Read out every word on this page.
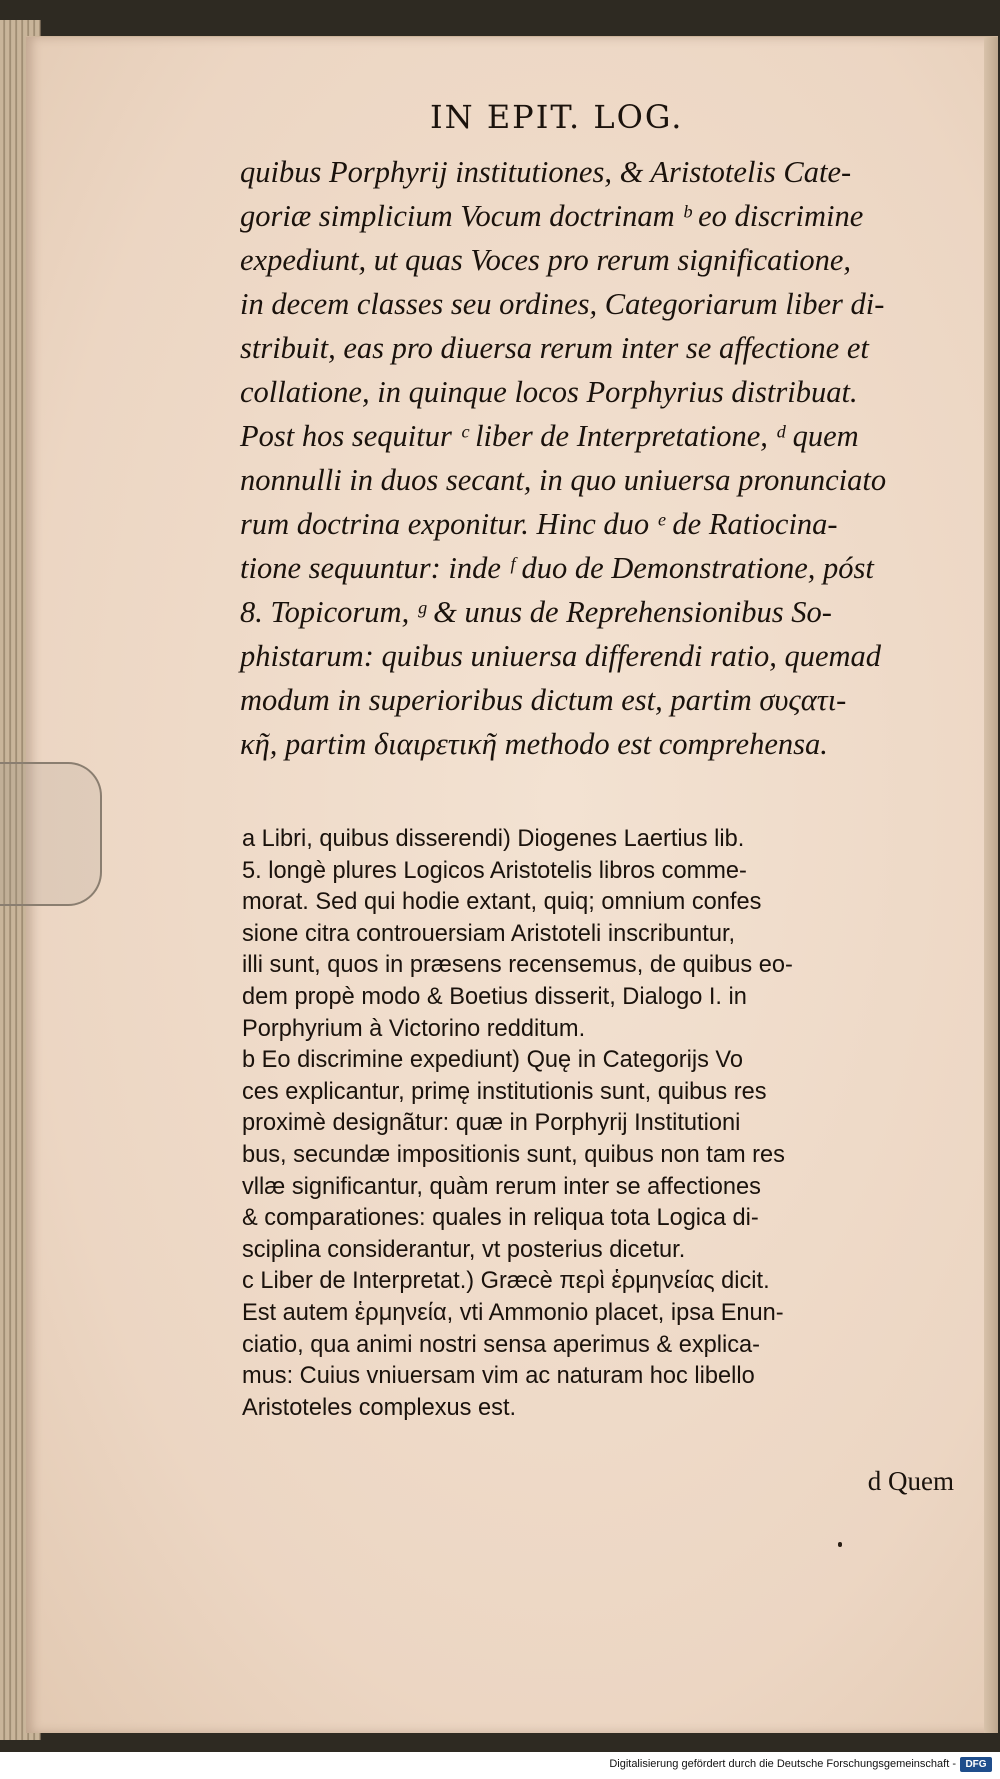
IN EPIT. LOG.
quibus Porphyrij institutiones, & Aristotelis Cate-
goriæ simplicium Vocum doctrinam ᵇ eo discrimine
expediunt, ut quas Voces pro rerum significatione,
in decem classes seu ordines, Categoriarum liber di-
stribuit, eas pro diuersa rerum inter se affectione et
collatione, in quinque locos Porphyrius distribuat.
Post hos sequitur ᶜ liber de Interpretatione, ᵈ quem
nonnulli in duos secant, in quo uniuersa pronunciato
rum doctrina exponitur. Hinc duo ᵉ de Ratiocina-
tione sequuntur: inde ᶠ duo de Demonstratione, póst
8. Topicorum, ᵍ & unus de Reprehensionibus So-
phistarum: quibus uniuersa differendi ratio, quemad
modum in superioribus dictum est, partim συςατι-
κῆ, partim διαιρετικῆ methodo est comprehensa.
a Libri, quibus disserendi) Diogenes Laertius lib.
5. longè plures Logicos Aristotelis libros comme-
morat. Sed qui hodie extant, quiq; omnium confes
sione citra controuersiam Aristoteli inscribuntur,
illi sunt, quos in præsens recensemus, de quibus eo-
dem propè modo & Boetius disserit, Dialogo I. in
Porphyrium à Victorino redditum.
b Eo discrimine expediunt) Quę in Categorijs Vo
ces explicantur, primę institutionis sunt, quibus res
proximè designãtur: quæ in Porphyrij Institutioni
bus, secundæ impositionis sunt, quibus non tam res
vllæ significantur, quàm rerum inter se affectiones
& comparationes: quales in reliqua tota Logica di-
sciplina considerantur, vt posterius dicetur.
c Liber de Interpretat.) Græcè περὶ ἑρμηνείας dicit.
Est autem ἑρμηνεία, vti Ammonio placet, ipsa Enun-
ciatio, qua animi nostri sensa aperimus & explica-
mus: Cuius vniuersam vim ac naturam hoc libello
Aristoteles complexus est.
d Quem
Digitalisierung gefördert durch die Deutsche Forschungsgemeinschaft - DFG
